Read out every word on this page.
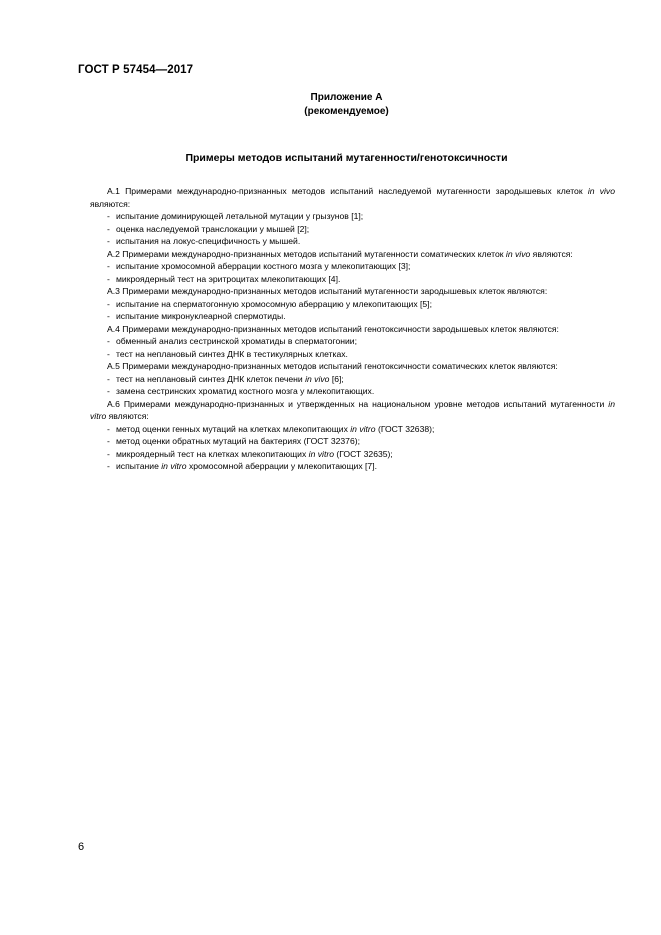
ГОСТ Р 57454—2017
Приложение А
(рекомендуемое)
Примеры методов испытаний мутагенности/генотоксичности

А.1 Примерами международно-признанных методов испытаний наследуемой мутагенности зародышевых клеток in vivo являются:

- испытание доминирующей летальной мутации у грызунов [1];

- оценка наследуемой транслокации у мышей [2];

- испытания на локус-специфичность у мышей.

А.2 Примерами международно-признанных методов испытаний мутагенности соматических клеток in vivo являются:

- испытание хромосомной аберрации костного мозга у млекопитающих [3];

- микроядерный тест на эритроцитах млекопитающих [4].

А.3 Примерами международно-признанных методов испытаний мутагенности зародышевых клеток являются:

- испытание на сперматогонную хромосомную аберрацию у млекопитающих [5];

- испытание микронуклеарной спермотиды.

А.4 Примерами международно-признанных методов испытаний генотоксичности зародышевых клеток являются:

- обменный анализ сестринской хроматиды в сперматогонии;

- тест на неплановый синтез ДНК в тестикулярных клетках.

А.5 Примерами международно-признанных методов испытаний генотоксичности соматических клеток являются:

- тест на неплановый синтез ДНК клеток печени in vivo [6];

- замена сестринских хроматид костного мозга у млекопитающих.

А.6 Примерами международно-признанных и утвержденных на национальном уровне методов испытаний мутагенности in vitro являются:

- метод оценки генных мутаций на клетках млекопитающих in vitro (ГОСТ 32638);

- метод оценки обратных мутаций на бактериях (ГОСТ 32376);

- микроядерный тест на клетках млекопитающих in vitro (ГОСТ 32635);

- испытание in vitro хромосомной аберрации у млекопитающих [7].

6
